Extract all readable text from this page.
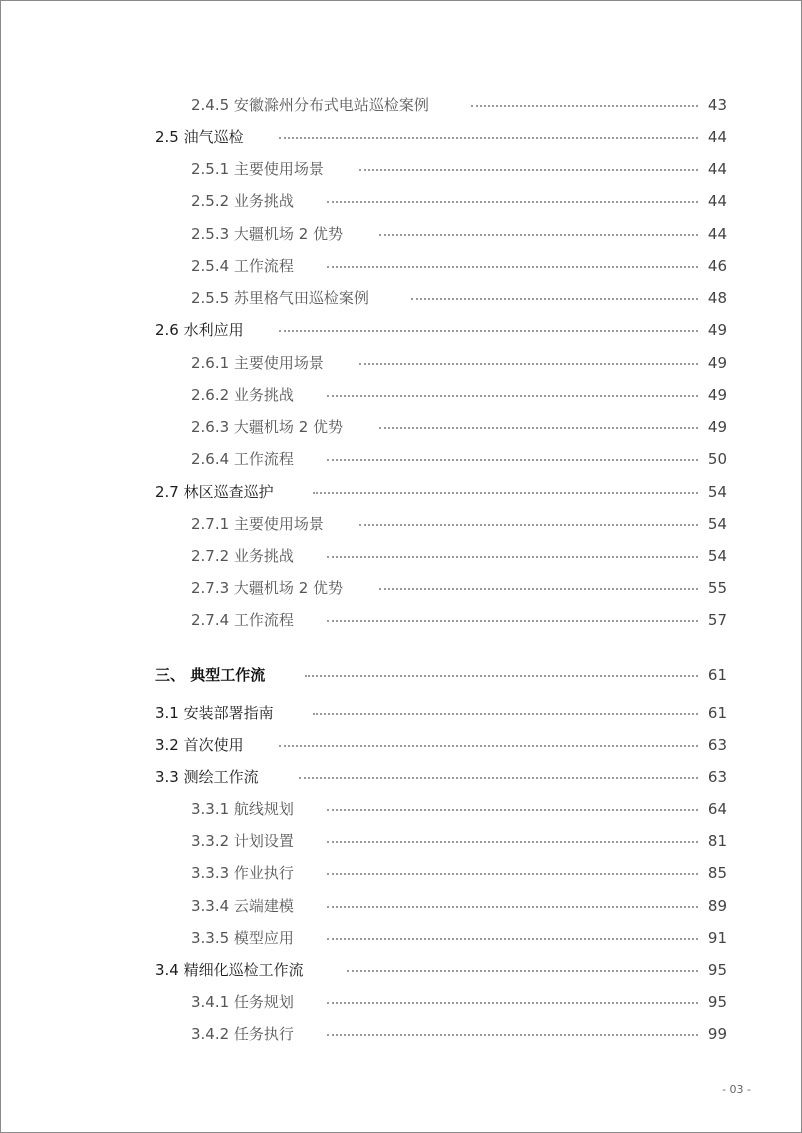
2.4.5 安徽滁州分布式电站巡检案例	43
2.5 油气巡检	44
2.5.1 主要使用场景	44
2.5.2 业务挑战	44
2.5.3 大疆机场 2 优势	44
2.5.4 工作流程	46
2.5.5 苏里格气田巡检案例	48
2.6 水利应用	49
2.6.1 主要使用场景	49
2.6.2 业务挑战	49
2.6.3 大疆机场 2 优势	49
2.6.4 工作流程	50
2.7 林区巡查巡护	54
2.7.1 主要使用场景	54
2.7.2 业务挑战	54
2.7.3 大疆机场 2 优势	55
2.7.4 工作流程	57
三、 典型工作流	61
3.1 安装部署指南	61
3.2 首次使用	63
3.3 测绘工作流	63
3.3.1 航线规划	64
3.3.2 计划设置	81
3.3.3 作业执行	85
3.3.4 云端建模	89
3.3.5 模型应用	91
3.4 精细化巡检工作流	95
3.4.1 任务规划	95
3.4.2 任务执行	99
- 03 -
